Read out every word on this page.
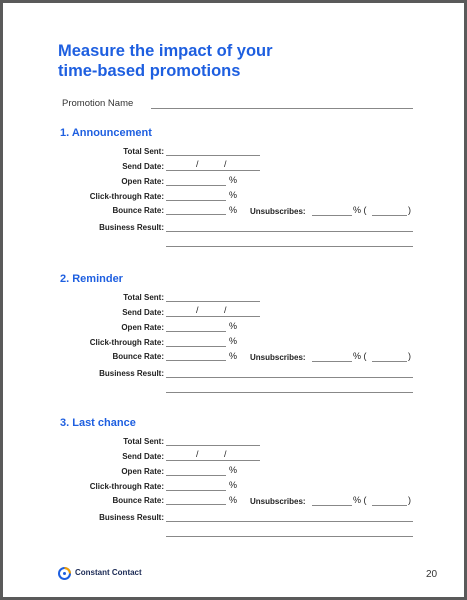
Measure the impact of your
time-based promotions
Promotion Name
1. Announcement
Total Sent:
Send Date:	/	/
Open Rate:	%
Click-through Rate:	%
Bounce Rate:	% Unsubscribes:	% (	)
Business Result:
2. Reminder
Total Sent:
Send Date:	/	/
Open Rate:	%
Click-through Rate:	%
Bounce Rate:	% Unsubscribes:	% (	)
Business Result:
3. Last chance
Total Sent:
Send Date:	/	/
Open Rate:	%
Click-through Rate:	%
Bounce Rate:	% Unsubscribes:	% (	)
Business Result:
Constant Contact	20
